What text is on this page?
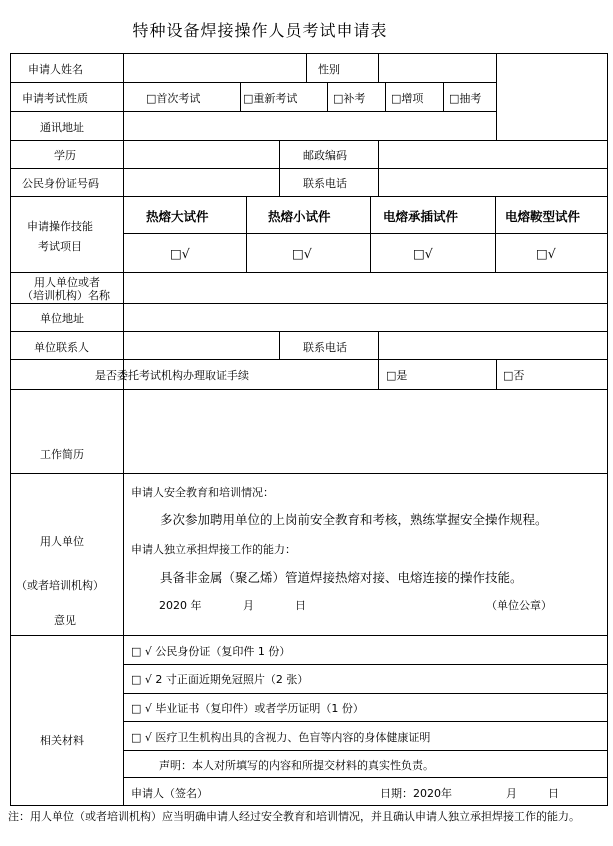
特种设备焊接操作人员考试申请表
申请人姓名	性别
申请考试性质	□首次考试	□重新考试	□补考 □增项 □抽考
通讯地址
学历	邮政编码
公民身份证号码	联系电话
申请操作技能
考试项目
热熔大试件	热熔小试件	电熔承插试件	电熔鞍型试件
□√	□√	□√	□√
用人单位或者
（培训机构）名称
单位地址
单位联系人	联系电话
是否委托考试机构办理取证手续	□是	□否
工作简历
用人单位
（或者培训机构）
意见
申请人安全教育和培训情况：
多次参加聘用单位的上岗前安全教育和考核，熟练掌握安全操作规程。
申请人独立承担焊接工作的能力：
具备非金属（聚乙烯）管道焊接热熔对接、电熔连接的操作技能。
2020 年	月	日	（单位公章）
相关材料
□ √ 公民身份证（复印件 1 份）
□ √ 2 寸正面近期免冠照片（2 张）
□ √ 毕业证书（复印件）或者学历证明（1 份）
□ √ 医疗卫生机构出具的含视力、色盲等内容的身体健康证明
声明：本人对所填写的内容和所提交材料的真实性负责。
申请人（签名）	日期：2020年	月	日
注：用人单位（或者培训机构）应当明确申请人经过安全教育和培训情况，并且确认申请人独立承担焊接工作的能力。
